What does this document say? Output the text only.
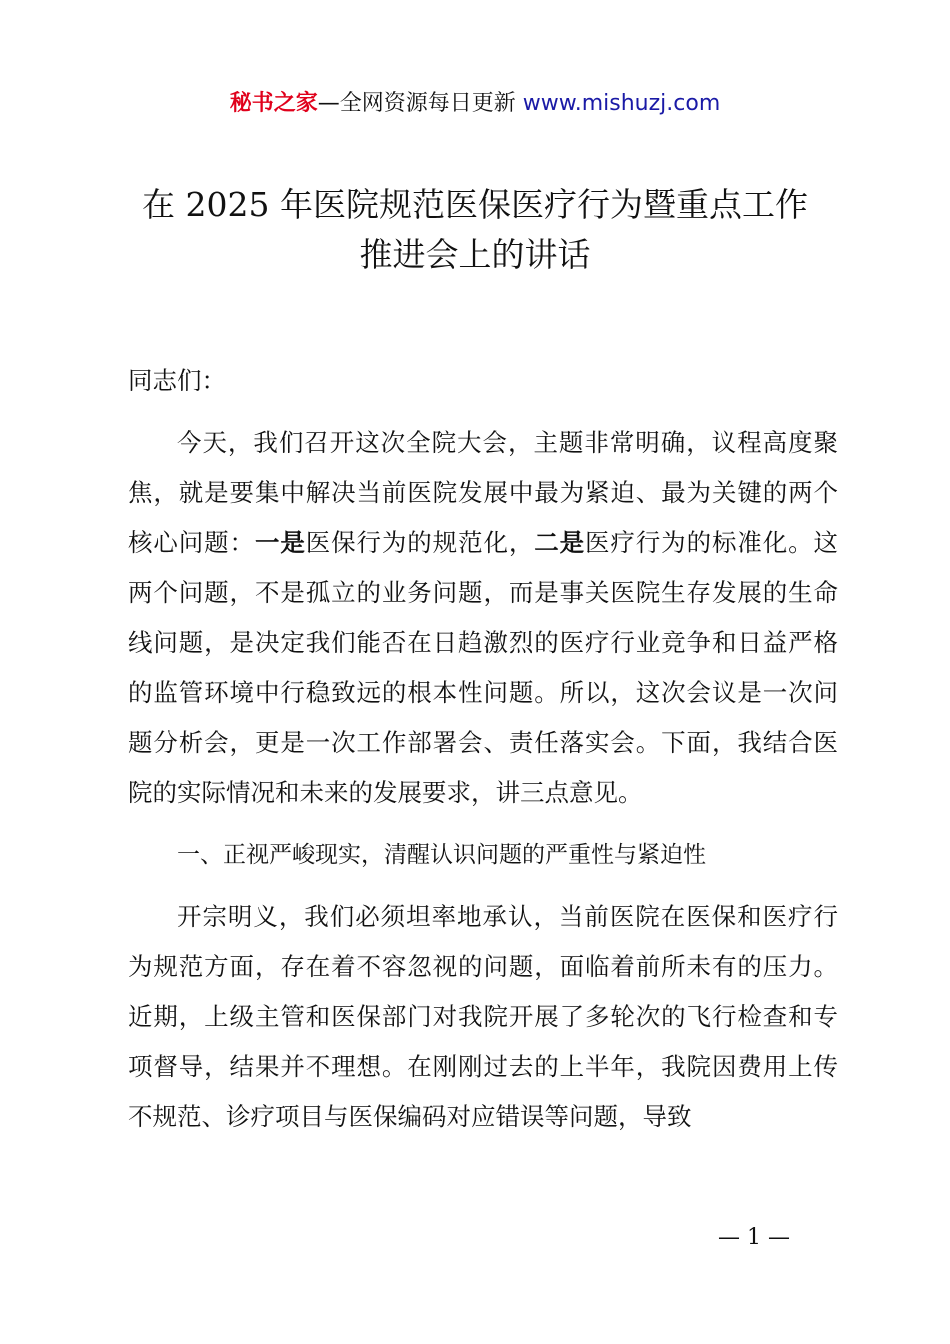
秘书之家—全网资源每日更新 www.mishuzj.com
在 2025 年医院规范医保医疗行为暨重点工作
推进会上的讲话
同志们：

今天，我们召开这次全院大会，主题非常明确，议程高度聚焦，就是要集中解决当前医院发展中最为紧迫、最为关键的两个核心问题：一是医保行为的规范化，二是医疗行为的标准化。这两个问题，不是孤立的业务问题，而是事关医院生存发展的生命线问题，是决定我们能否在日趋激烈的医疗行业竞争和日益严格的监管环境中行稳致远的根本性问题。所以，这次会议是一次问题分析会，更是一次工作部署会、责任落实会。下面，我结合医院的实际情况和未来的发展要求，讲三点意见。

一、正视严峻现实，清醒认识问题的严重性与紧迫性

开宗明义，我们必须坦率地承认，当前医院在医保和医疗行为规范方面，存在着不容忽视的问题，面临着前所未有的压力。近期，上级主管和医保部门对我院开展了多轮次的飞行检查和专项督导，结果并不理想。在刚刚过去的上半年，我院因费用上传不规范、诊疗项目与医保编码对应错误等问题，导致

— 1 —
